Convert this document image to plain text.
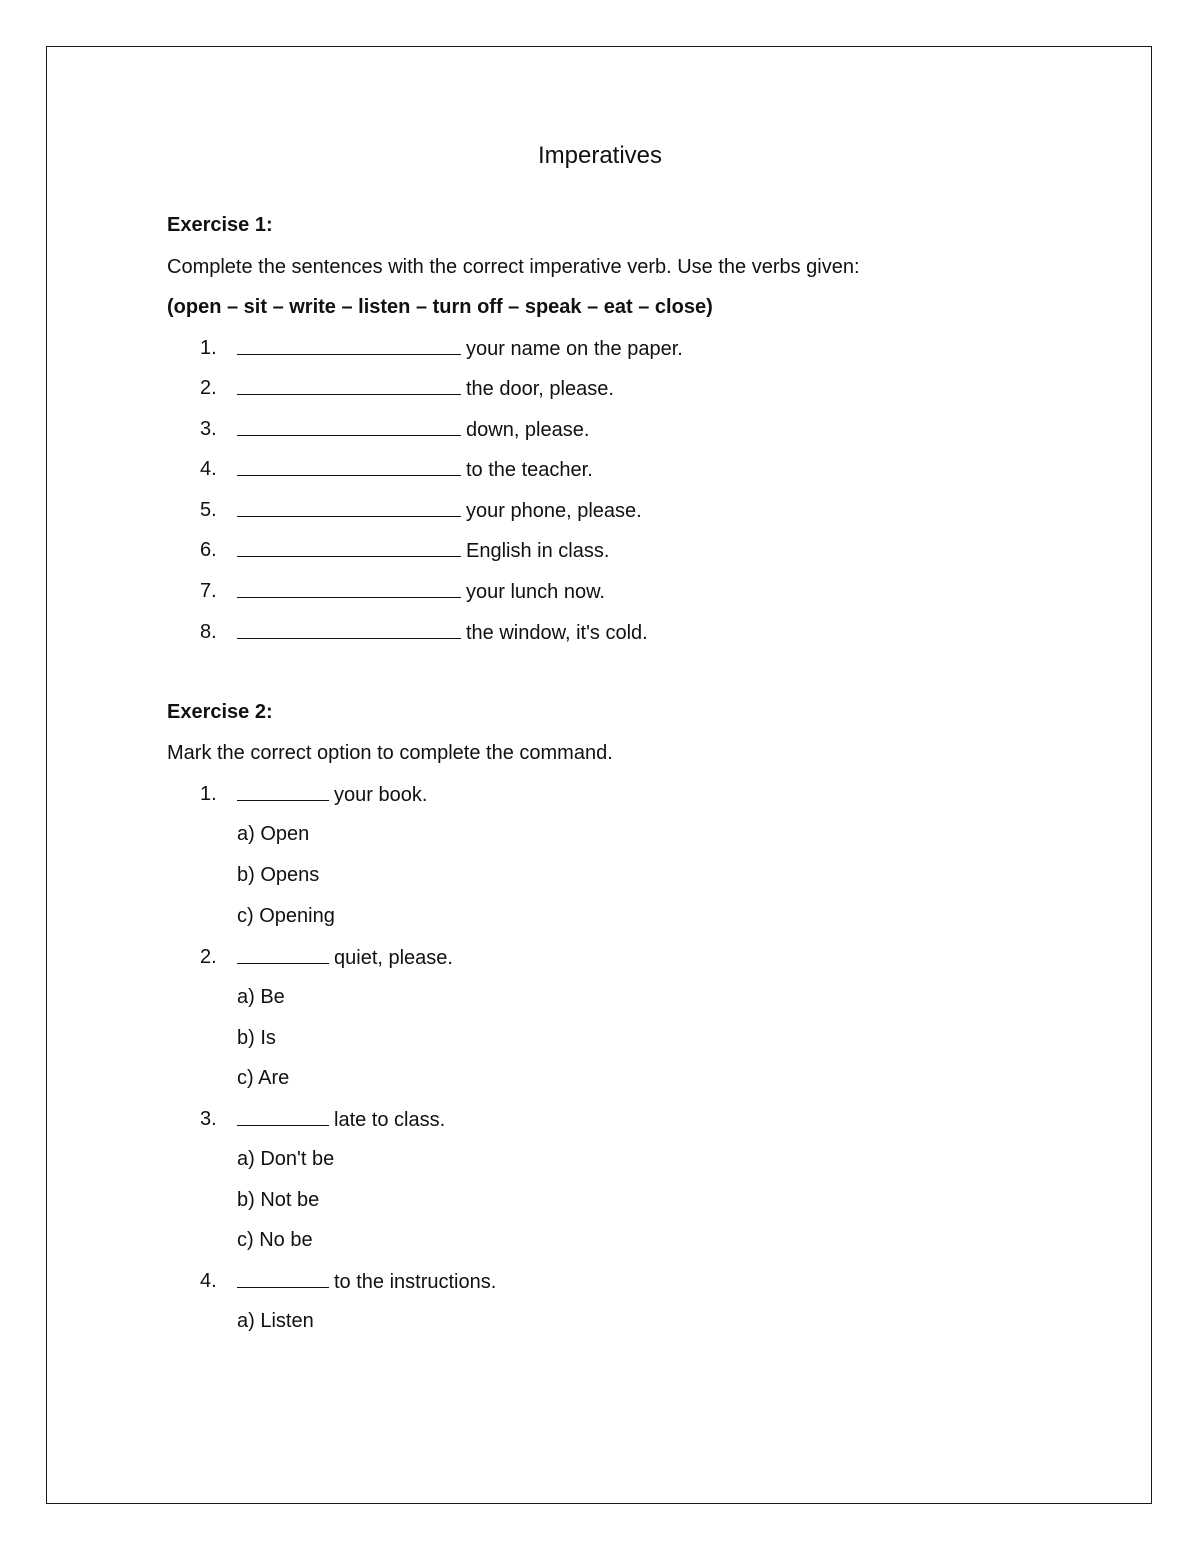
Imperatives
Exercise 1:
Complete the sentences with the correct imperative verb. Use the verbs given:
(open – sit – write – listen – turn off – speak – eat – close)
1.	your name on the paper.
2.	the door, please.
3.	down, please.
4.	to the teacher.
5.	your phone, please.
6.	English in class.
7.	your lunch now.
8.	the window, it's cold.
Exercise 2:
Mark the correct option to complete the command.
1.	your book.
a) Open
b) Opens
c) Opening
2.	quiet, please.
a) Be
b) Is
c) Are
3.	late to class.
a) Don't be
b) Not be
c) No be
4.	to the instructions.
a) Listen
